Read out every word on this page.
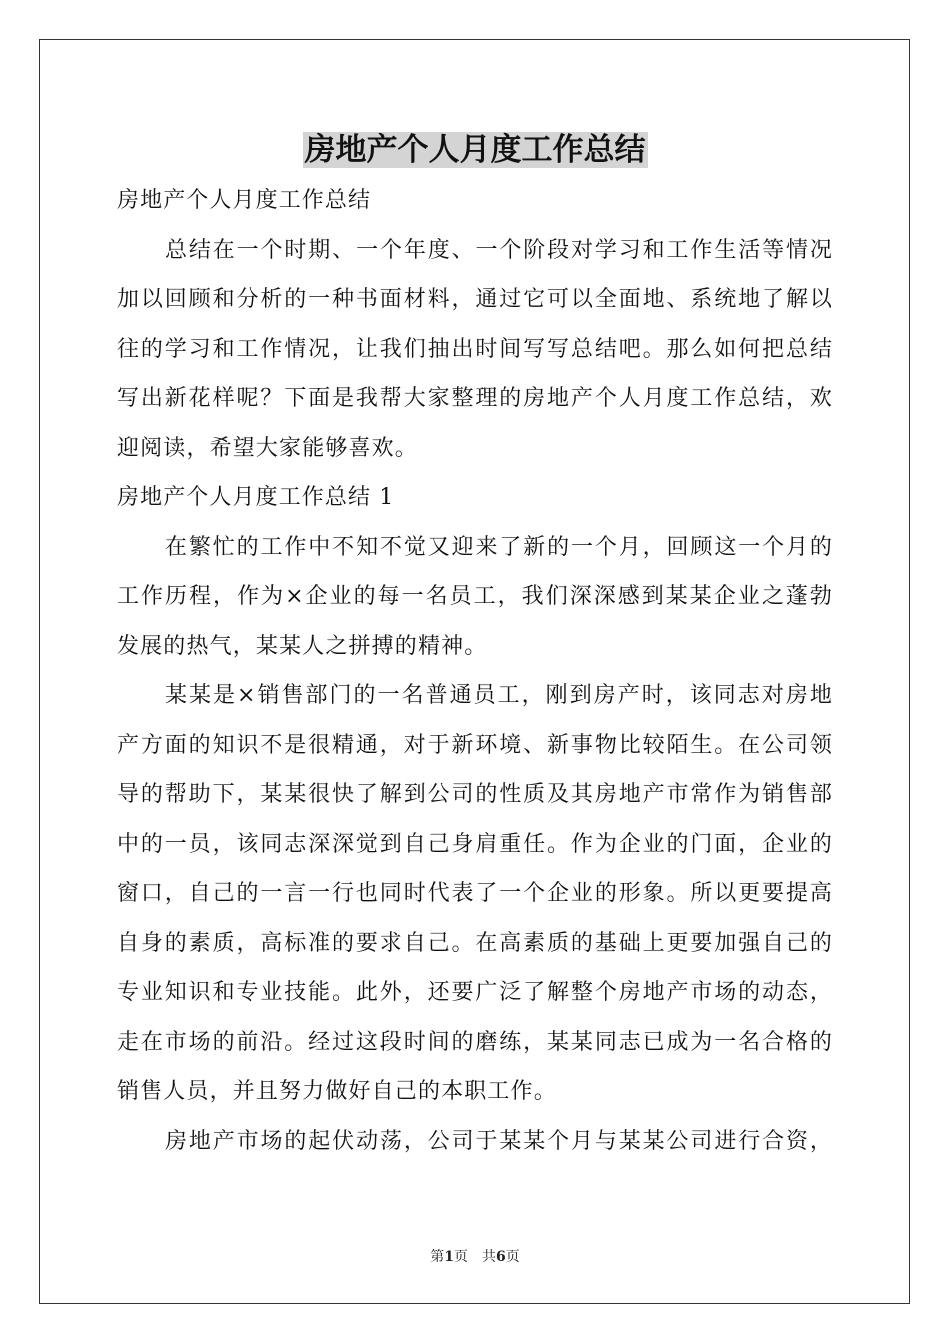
房地产个人月度工作总结
房地产个人月度工作总结
总结在一个时期、一个年度、一个阶段对学习和工作生活等情况
加以回顾和分析的一种书面材料，通过它可以全面地、系统地了解以
往的学习和工作情况，让我们抽出时间写写总结吧。那么如何把总结
写出新花样呢？下面是我帮大家整理的房地产个人月度工作总结，欢
迎阅读，希望大家能够喜欢。
房地产个人月度工作总结 1
在繁忙的工作中不知不觉又迎来了新的一个月，回顾这一个月的
工作历程，作为×企业的每一名员工，我们深深感到某某企业之蓬勃
发展的热气，某某人之拼搏的精神。
某某是×销售部门的一名普通员工，刚到房产时，该同志对房地
产方面的知识不是很精通，对于新环境、新事物比较陌生。在公司领
导的帮助下，某某很快了解到公司的性质及其房地产市常作为销售部
中的一员，该同志深深觉到自己身肩重任。作为企业的门面，企业的
窗口，自己的一言一行也同时代表了一个企业的形象。所以更要提高
自身的素质，高标准的要求自己。在高素质的基础上更要加强自己的
专业知识和专业技能。此外，还要广泛了解整个房地产市场的动态，
走在市场的前沿。经过这段时间的磨练，某某同志已成为一名合格的
销售人员，并且努力做好自己的本职工作。
房地产市场的起伏动荡，公司于某某个月与某某公司进行合资，
第1页 共6页
